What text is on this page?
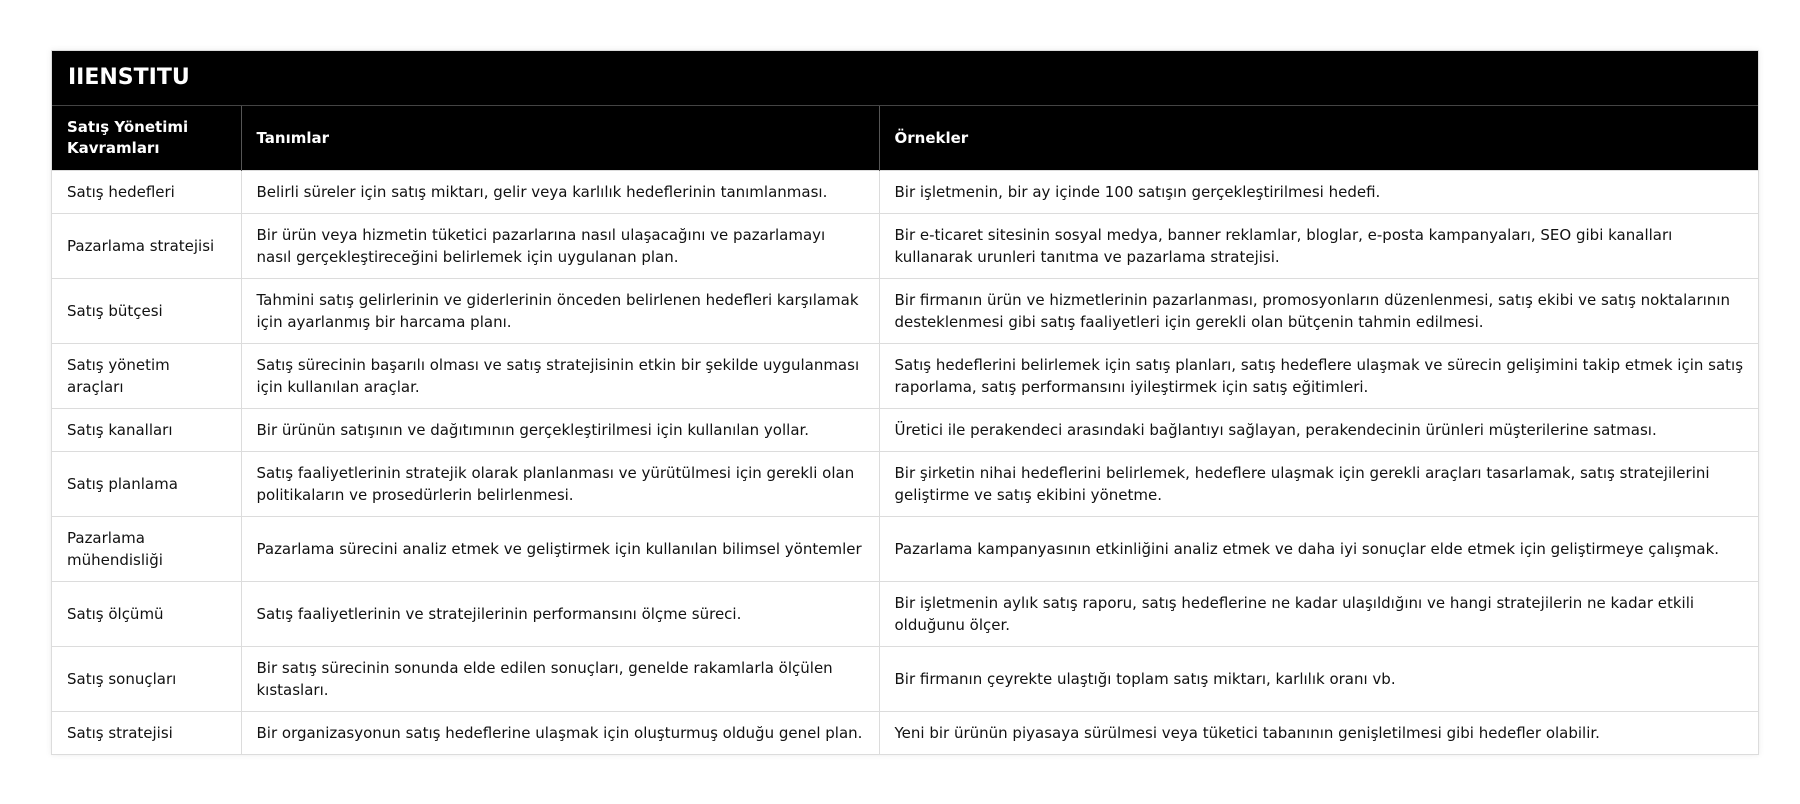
IIENSTITU
Satış Yönetimi Kavramları	Tanımlar	Örnekler
Satış hedefleri	Belirli süreler için satış miktarı, gelir veya karlılık hedeflerinin tanımlanması.	Bir işletmenin, bir ay içinde 100 satışın gerçekleştirilmesi hedefi.
Pazarlama stratejisi	Bir ürün veya hizmetin tüketici pazarlarına nasıl ulaşacağını ve pazarlamayı nasıl gerçekleştireceğini belirlemek için uygulanan plan.	Bir e-ticaret sitesinin sosyal medya, banner reklamlar, bloglar, e-posta kampanyaları, SEO gibi kanalları kullanarak urunleri tanıtma ve pazarlama stratejisi.
Satış bütçesi	Tahmini satış gelirlerinin ve giderlerinin önceden belirlenen hedefleri karşılamak için ayarlanmış bir harcama planı.	Bir firmanın ürün ve hizmetlerinin pazarlanması, promosyonların düzenlenmesi, satış ekibi ve satış noktalarının desteklenmesi gibi satış faaliyetleri için gerekli olan bütçenin tahmin edilmesi.
Satış yönetim araçları	Satış sürecinin başarılı olması ve satış stratejisinin etkin bir şekilde uygulanması için kullanılan araçlar.	Satış hedeflerini belirlemek için satış planları, satış hedeflere ulaşmak ve sürecin gelişimini takip etmek için satış raporlama, satış performansını iyileştirmek için satış eğitimleri.
Satış kanalları	Bir ürünün satışının ve dağıtımının gerçekleştirilmesi için kullanılan yollar.	Üretici ile perakendeci arasındaki bağlantıyı sağlayan, perakendecinin ürünleri müşterilerine satması.
Satış planlama	Satış faaliyetlerinin stratejik olarak planlanması ve yürütülmesi için gerekli olan politikaların ve prosedürlerin belirlenmesi.	Bir şirketin nihai hedeflerini belirlemek, hedeflere ulaşmak için gerekli araçları tasarlamak, satış stratejilerini geliştirme ve satış ekibini yönetme.
Pazarlama mühendisliği	Pazarlama sürecini analiz etmek ve geliştirmek için kullanılan bilimsel yöntemler	Pazarlama kampanyasının etkinliğini analiz etmek ve daha iyi sonuçlar elde etmek için geliştirmeye çalışmak.
Satış ölçümü	Satış faaliyetlerinin ve stratejilerinin performansını ölçme süreci.	Bir işletmenin aylık satış raporu, satış hedeflerine ne kadar ulaşıldığını ve hangi stratejilerin ne kadar etkili olduğunu ölçer.
Satış sonuçları	Bir satış sürecinin sonunda elde edilen sonuçları, genelde rakamlarla ölçülen kıstasları.	Bir firmanın çeyrekte ulaştığı toplam satış miktarı, karlılık oranı vb.
Satış stratejisi	Bir organizasyonun satış hedeflerine ulaşmak için oluşturmuş olduğu genel plan.	Yeni bir ürünün piyasaya sürülmesi veya tüketici tabanının genişletilmesi gibi hedefler olabilir.
